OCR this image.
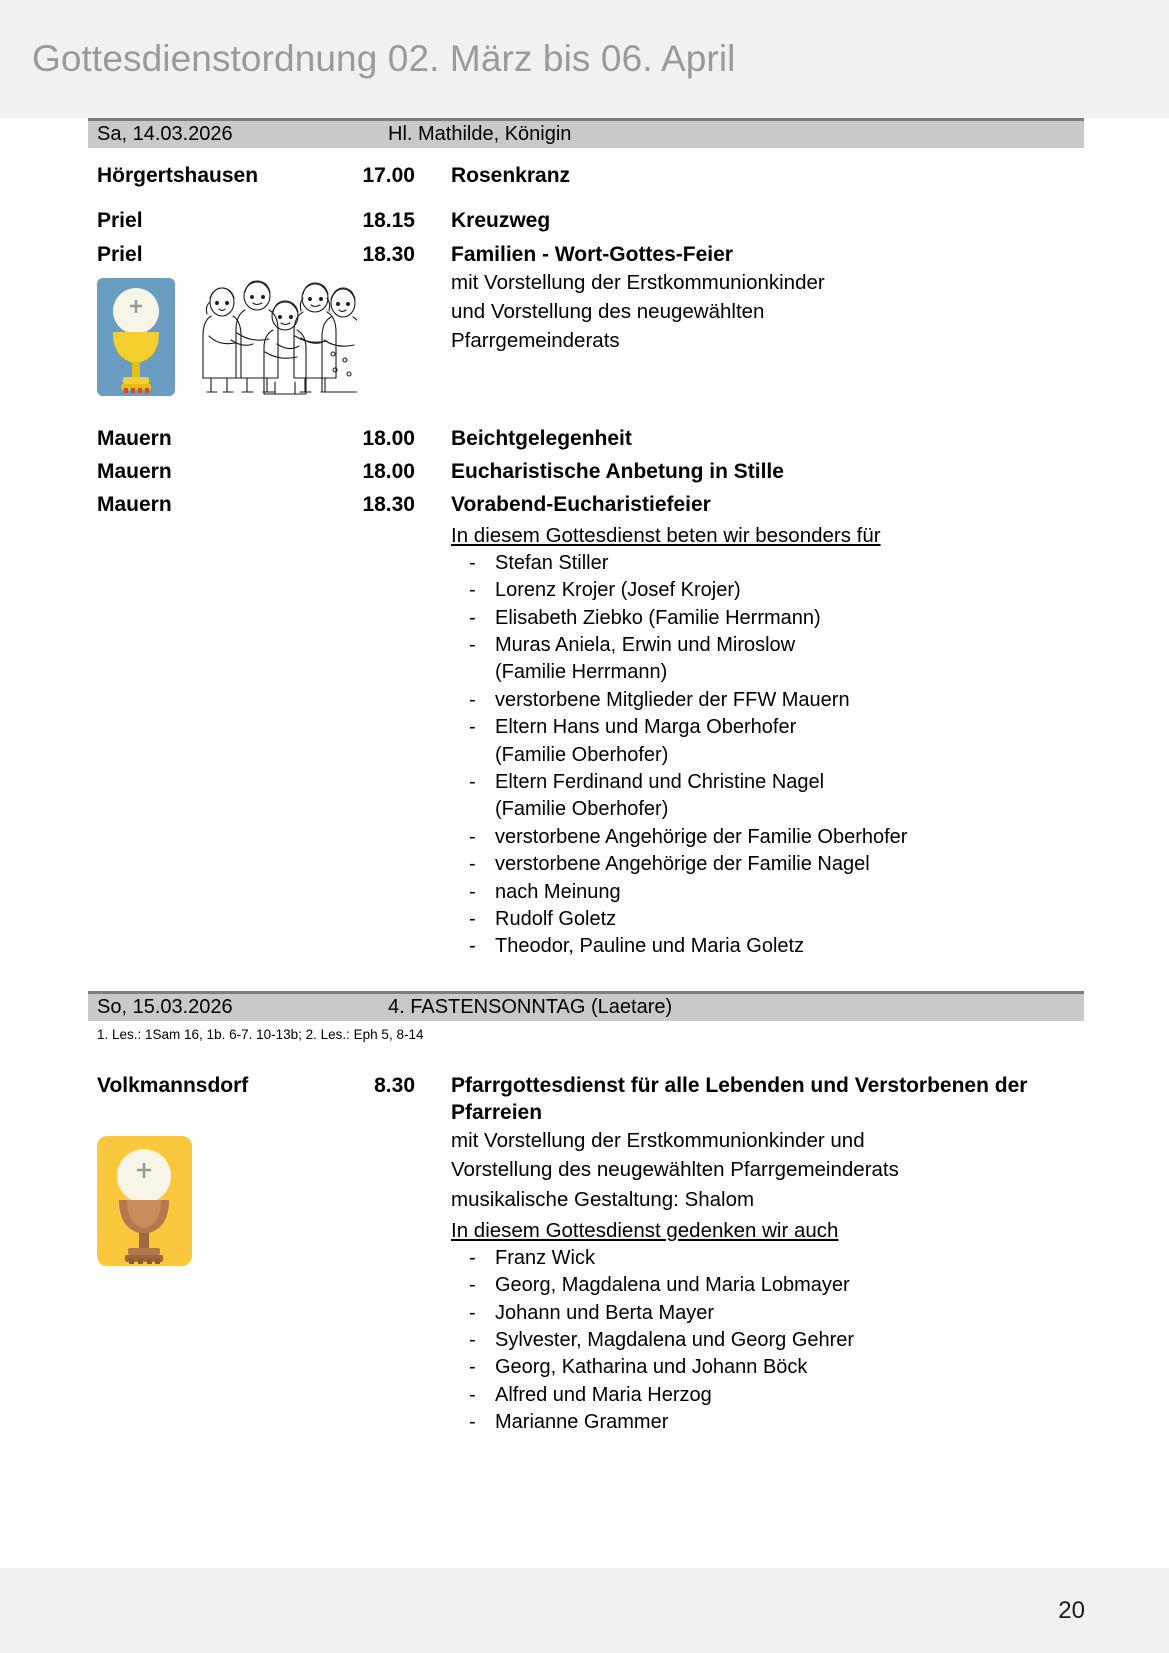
Gottesdienstordnung 02. März bis 06. April
Sa, 14.03.2026	Hl. Mathilde, Königin
Hörgertshausen	17.00	Rosenkranz
Priel	18.15	Kreuzweg
Priel	18.30	Familien - Wort-Gottes-Feier
mit Vorstellung der Erstkommunionkinder
und Vorstellung des neugewählten
Pfarrgemeinderats
Mauern	18.00	Beichtgelegenheit
Mauern	18.00	Eucharistische Anbetung in Stille
Mauern	18.30	Vorabend-Eucharistiefeier
In diesem Gottesdienst beten wir besonders für
- Stefan Stiller
- Lorenz Krojer (Josef Krojer)
- Elisabeth Ziebko (Familie Herrmann)
- Muras Aniela, Erwin und Miroslow
(Familie Herrmann)
- verstorbene Mitglieder der FFW Mauern
- Eltern Hans und Marga Oberhofer
(Familie Oberhofer)
- Eltern Ferdinand und Christine Nagel
(Familie Oberhofer)
- verstorbene Angehörige der Familie Oberhofer
- verstorbene Angehörige der Familie Nagel
- nach Meinung
- Rudolf Goletz
- Theodor, Pauline und Maria Goletz
So, 15.03.2026	4. FASTENSONNTAG (Laetare)
1. Les.: 1Sam 16, 1b. 6-7. 10-13b; 2. Les.: Eph 5, 8-14
Volkmannsdorf	8.30	Pfarrgottesdienst für alle Lebenden und Verstorbenen der Pfarreien
mit Vorstellung der Erstkommunionkinder und
Vorstellung des neugewählten Pfarrgemeinderats
musikalische Gestaltung: Shalom
In diesem Gottesdienst gedenken wir auch
- Franz Wick
- Georg, Magdalena und Maria Lobmayer
- Johann und Berta Mayer
- Sylvester, Magdalena und Georg Gehrer
- Georg, Katharina und Johann Böck
- Alfred und Maria Herzog
- Marianne Grammer
20
